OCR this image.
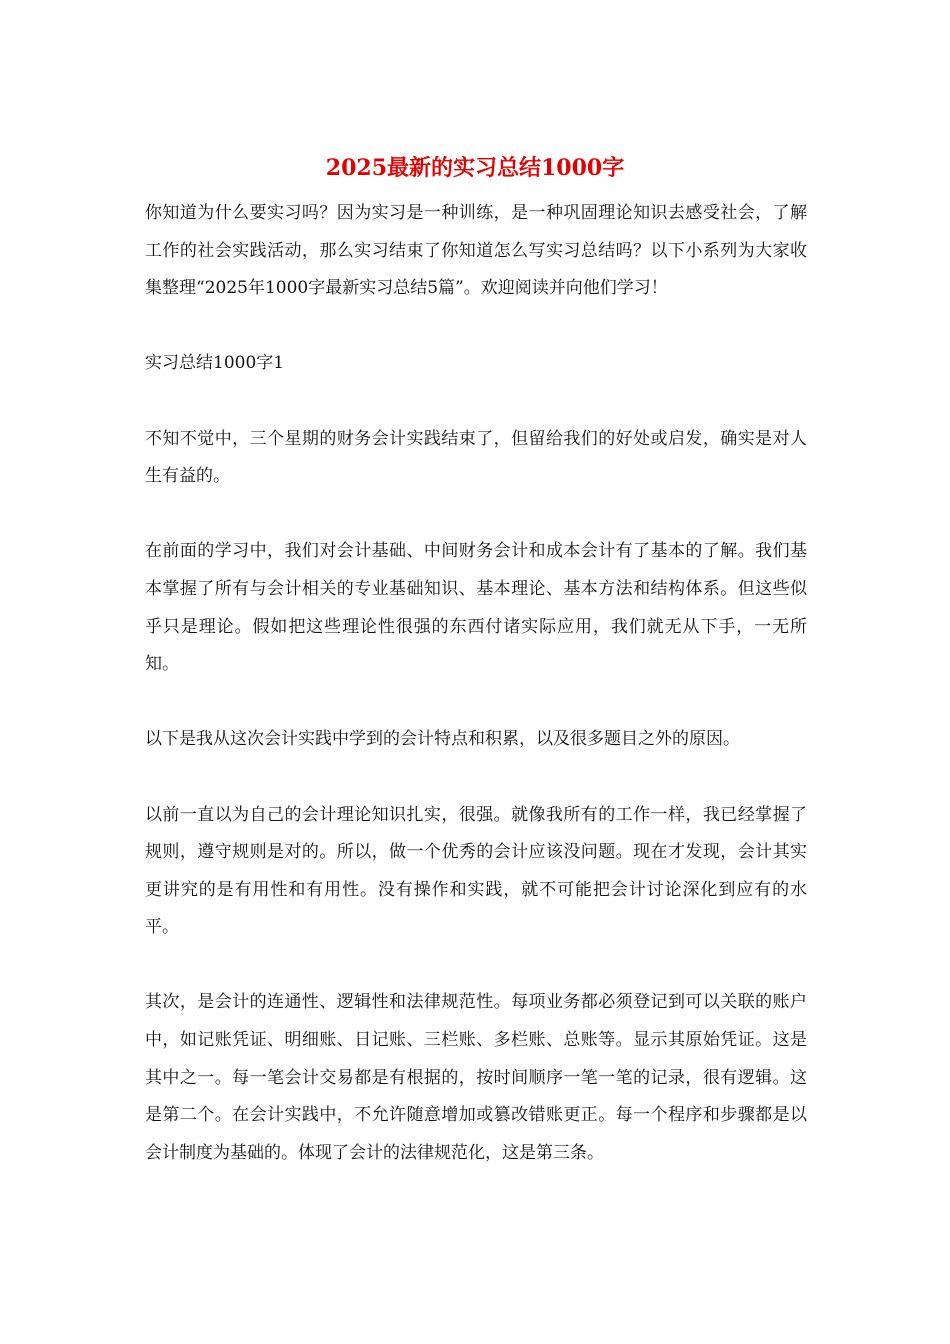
2025最新的实习总结1000字

你知道为什么要实习吗？因为实习是一种训练，是一种巩固理论知识去感受社会，了解工作的社会实践活动，那么实习结束了你知道怎么写实习总结吗？以下小系列为大家收集整理“2025年1000字最新实习总结5篇”。欢迎阅读并向他们学习！

实习总结1000字1

不知不觉中，三个星期的财务会计实践结束了，但留给我们的好处或启发，确实是对人生有益的。

在前面的学习中，我们对会计基础、中间财务会计和成本会计有了基本的了解。我们基本掌握了所有与会计相关的专业基础知识、基本理论、基本方法和结构体系。但这些似乎只是理论。假如把这些理论性很强的东西付诸实际应用，我们就无从下手，一无所知。

以下是我从这次会计实践中学到的会计特点和积累，以及很多题目之外的原因。

以前一直以为自己的会计理论知识扎实，很强。就像我所有的工作一样，我已经掌握了规则，遵守规则是对的。所以，做一个优秀的会计应该没问题。现在才发现，会计其实更讲究的是有用性和有用性。没有操作和实践，就不可能把会计讨论深化到应有的水平。

其次，是会计的连通性、逻辑性和法律规范性。每项业务都必须登记到可以关联的账户中，如记账凭证、明细账、日记账、三栏账、多栏账、总账等。显示其原始凭证。这是其中之一。每一笔会计交易都是有根据的，按时间顺序一笔一笔的记录，很有逻辑。这是第二个。在会计实践中，不允许随意增加或篡改错账更正。每一个程序和步骤都是以会计制度为基础的。体现了会计的法律规范化，这是第三条。
